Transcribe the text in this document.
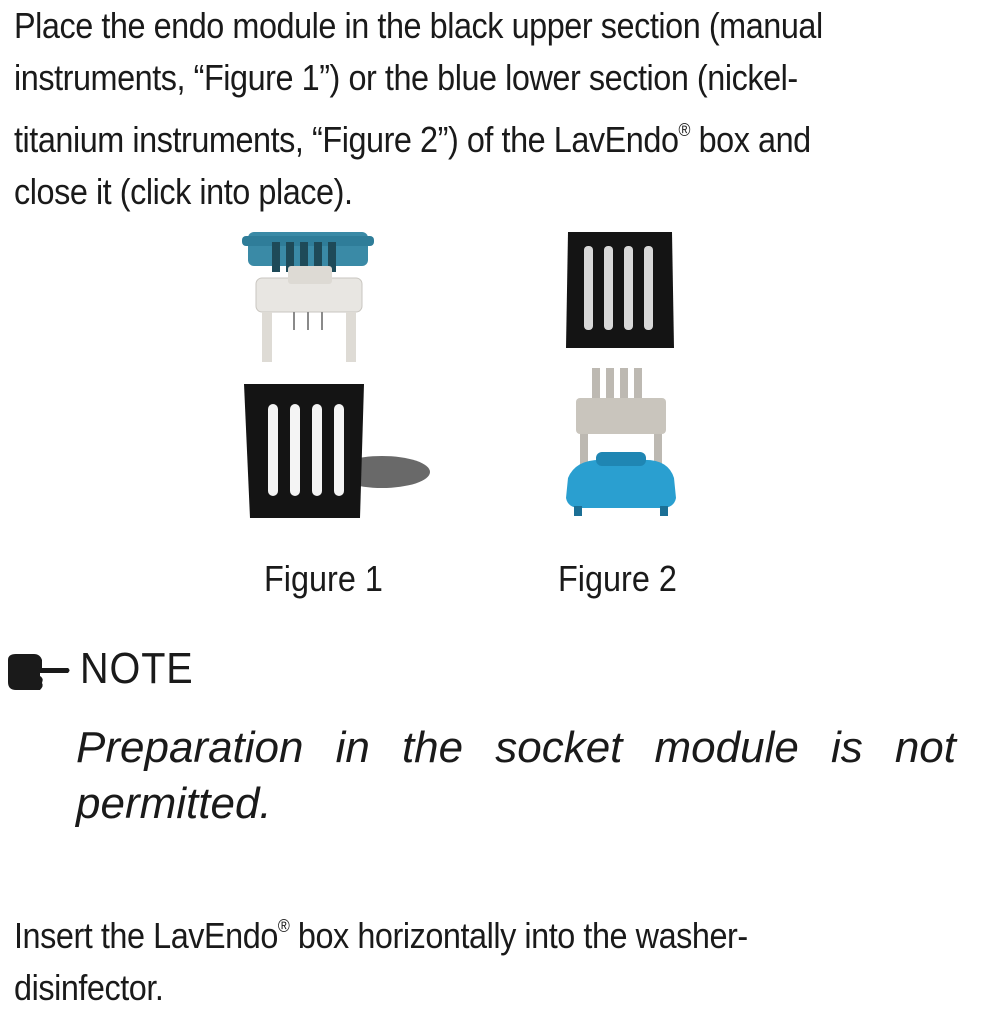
Place the endo module in the black upper section (manual
instruments, “Figure 1”) or the blue lower section (nickel-
titanium instruments, “Figure 2”) of the LavEndo® box and
close it (click into place).
Figure 1	Figure 2
NOTE

Preparation in the socket module is not
permitted.

Insert the LavEndo® box horizontally into the washer-
disinfector.
